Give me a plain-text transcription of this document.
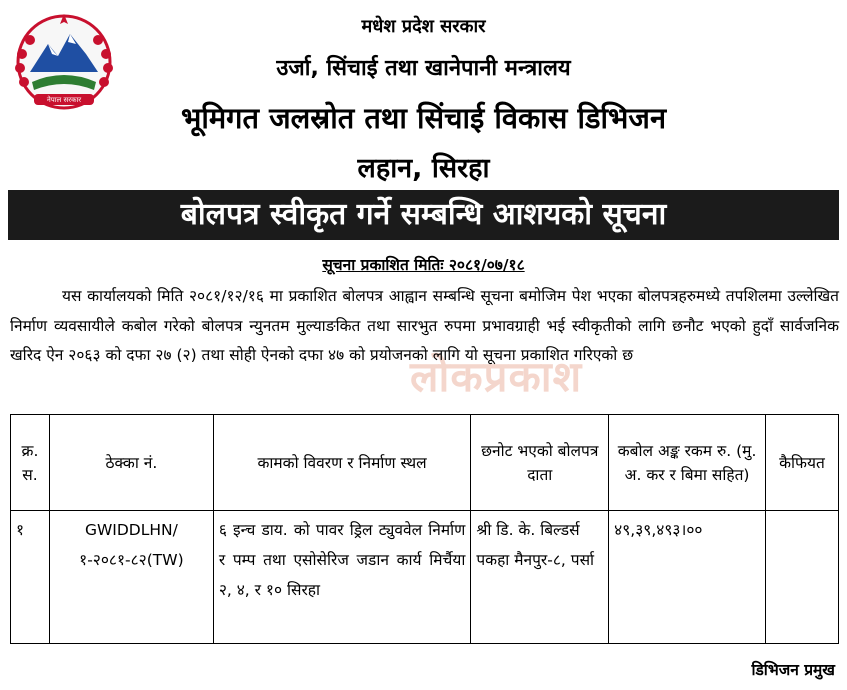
नेपाल सरकार
मधेश प्रदेश सरकार
उर्जा, सिंचाई तथा खानेपानी मन्त्रालय
भूमिगत जलस्रोत तथा सिंचाई विकास डिभिजन
लहान, सिरहा
बोलपत्र स्वीकृत गर्ने सम्बन्धि आशयको सूचना
सूचना प्रकाशित मितिः २०८१/०७/१८
लोकप्रकाश

यस कार्यालयको मिति २०८१/१२/१६ मा प्रकाशित बोलपत्र आह्वान सम्बन्धि सूचना बमोजिम पेश भएका बोलपत्रहरुमध्ये तपशिलमा उल्लेखित निर्माण व्यवसायीले कबोल गरेको बोलपत्र न्युनतम मुल्याङकित तथा सारभुत रुपमा प्रभावग्राही भई स्वीकृतीको लागि छनौट भएको हुदाँ सार्वजनिक खरिद ऐन २०६३ को दफा २७ (२) तथा सोही ऐनको दफा ४७ को प्रयोजनको लागि यो सूचना प्रकाशित गरिएको छ

क्र. स.	ठेक्का नं.	कामको विवरण र निर्माण स्थल	छनोट भएको बोलपत्र दाता	कबोल अङ्क रकम रु. (मु. अ. कर र बिमा सहित)	कैफियत
१	GWIDDLHN/ १-२०८१-८२(TW)	६ इन्च डाय. को पावर ड्रिल ट्युववेल निर्माण र पम्प तथा एसोसेरिज जडान कार्य मिर्चैया २, ४, र १० सिरहा	श्री डि. के. बिल्डर्स पकहा मैनपुर-८, पर्सा	४९,३९,४९३।००	
डिभिजन प्रमुख
